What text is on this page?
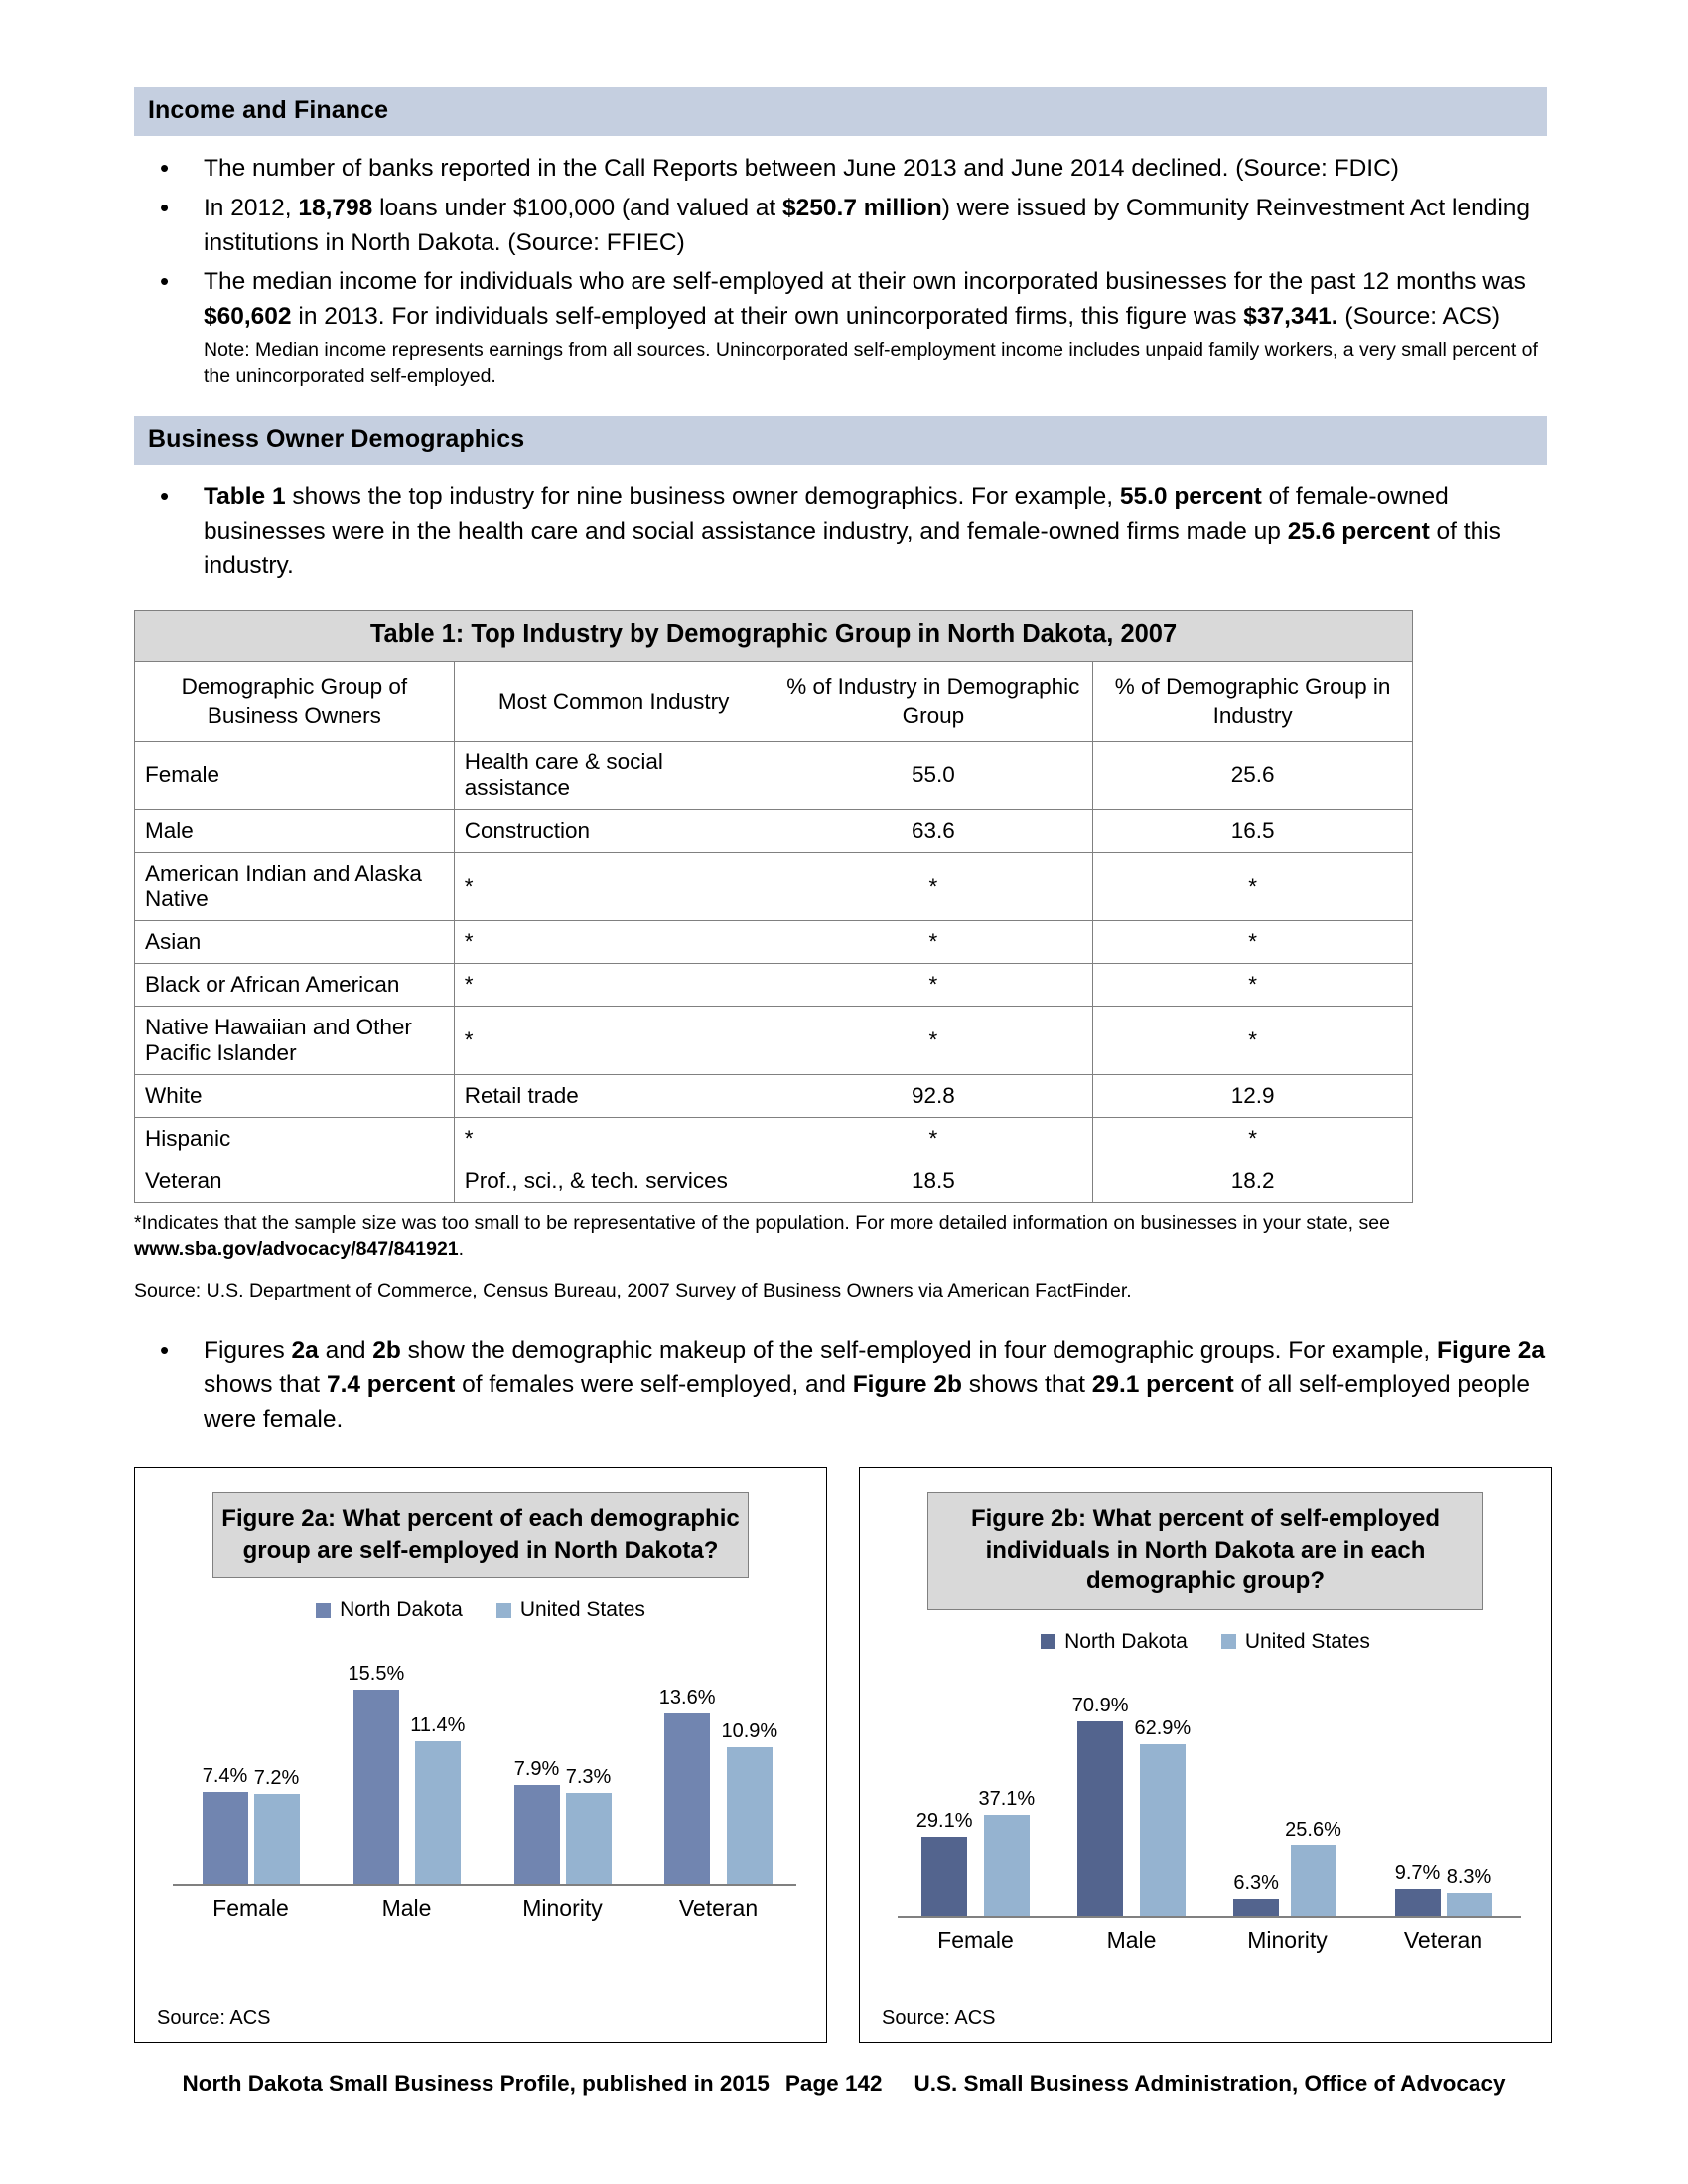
Income and Finance
• The number of banks reported in the Call Reports between June 2013 and June 2014 declined. (Source: FDIC)
• In 2012, 18,798 loans under $100,000 (and valued at $250.7 million) were issued by Community Reinvestment Act lending institutions in North Dakota. (Source: FFIEC)
• The median income for individuals who are self-employed at their own incorporated businesses for the past 12 months was $60,602 in 2013. For individuals self-employed at their own unincorporated firms, this figure was $37,341. (Source: ACS)
Note: Median income represents earnings from all sources. Unincorporated self-employment income includes unpaid family workers, a very small percent of the unincorporated self-employed.
Business Owner Demographics
• Table 1 shows the top industry for nine business owner demographics. For example, 55.0 percent of female-owned businesses were in the health care and social assistance industry, and female-owned firms made up 25.6 percent of this industry.
Table 1: Top Industry by Demographic Group in North Dakota, 2007			
Demographic Group of Business Owners	Most Common Industry	% of Industry in Demographic Group	% of Demographic Group in Industry
Female	Health care & social assistance	55.0	25.6
Male	Construction	63.6	16.5
American Indian and Alaska Native	*	*	*
Asian	*	*	*
Black or African American	*	*	*
Native Hawaiian and Other Pacific Islander	*	*	*
White	Retail trade	92.8	12.9
Hispanic	*	*	*
Veteran	Prof., sci., & tech. services	18.5	18.2
*Indicates that the sample size was too small to be representative of the population. For more detailed information on businesses in your state, see www.sba.gov/advocacy/847/841921.
Source: U.S. Department of Commerce, Census Bureau, 2007 Survey of Business Owners via American FactFinder.
• Figures 2a and 2b show the demographic makeup of the self-employed in four demographic groups. For example, Figure 2a shows that 7.4 percent of females were self-employed, and Figure 2b shows that 29.1 percent of all self-employed people were female.
Figure 2a: What percent of each demographic group are self-employed in North Dakota?
North Dakota	United States
7.4% 7.2%
15.5%
11.4%
7.9% 7.3%
13.6%
10.9%
Female	Male	Minority	Veteran
Source: ACS
Figure 2b: What percent of self-employed individuals in North Dakota are in each demographic group?
North Dakota	United States
29.1%
37.1%
70.9%
62.9%
6.3%
25.6%
9.7% 8.3%
Female	Male	Minority	Veteran
Source: ACS
North Dakota Small Business Profile, published in 2015 Page 142 U.S. Small Business Administration, Office of Advocacy
